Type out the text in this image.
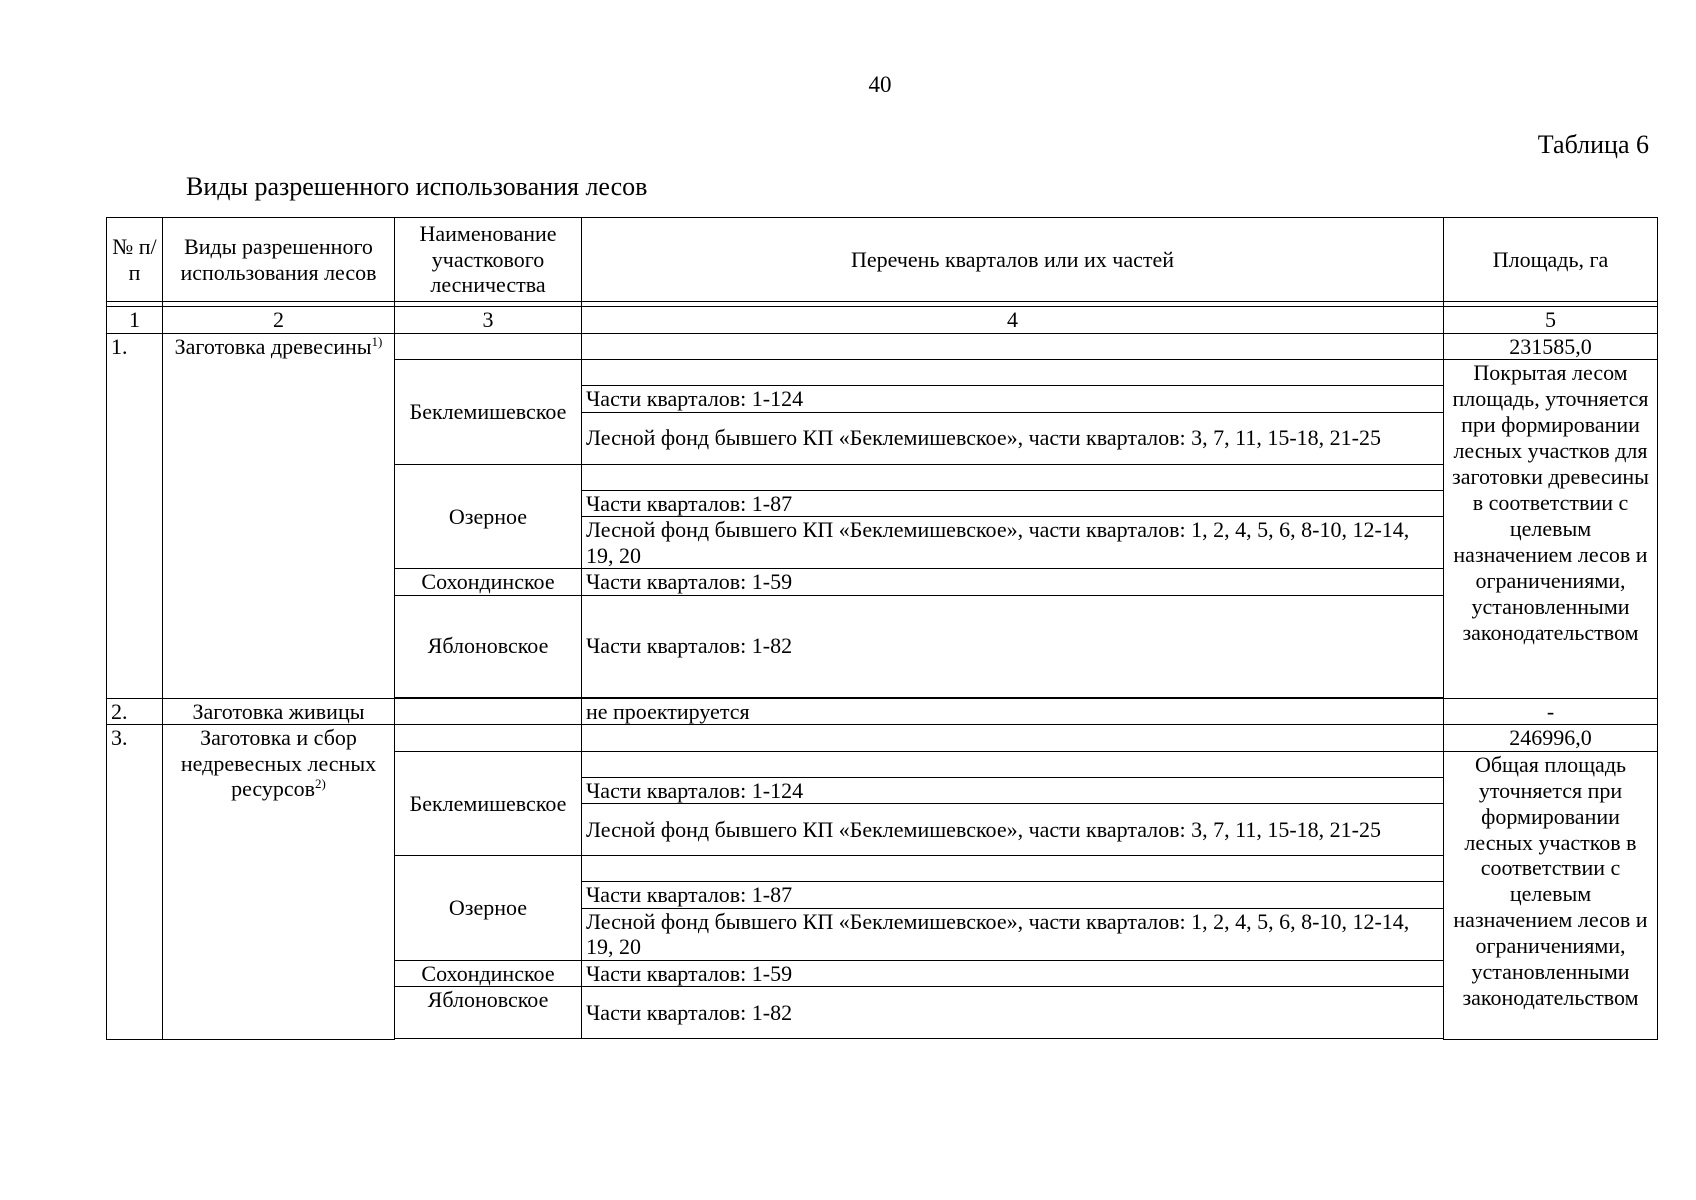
40
Таблица 6
Виды разрешенного использования лесов
№ п/п	Виды разрешенного использования лесов	Наименование участкового лесничества	Перечень кварталов или их частей	Площадь, га

1	2	3	4	5
1.	Заготовка древесины$^{1)}$			231585,0
		Беклемишевское		Покрытая лесом площадь, уточняется при формировании лесных участков для заготовки древесины в соответствии с целевым назначением лесов и ограничениями, установленными законодательством
			Части кварталов: 1-124	
			Лесной фонд бывшего КП «Беклемишевское», части кварталов: 3, 7, 11, 15-18, 21-25	
		Озерное		
			Части кварталов: 1-87	
			Лесной фонд бывшего КП «Беклемишевское», части кварталов: 1, 2, 4, 5, 6, 8-10, 12-14, 19, 20	
		Сохондинское	Части кварталов: 1-59	
		Яблоновское	Части кварталов: 1-82	

2.	Заготовка живицы		не проектируется	-
3.	Заготовка и сбор недревесных лесных ресурсов$^{2)}$			246996,0
		Беклемишевское		Общая площадь уточняется при формировании лесных участков в соответствии с целевым назначением лесов и ограничениями, установленными законодательством
			Части кварталов: 1-124	
			Лесной фонд бывшего КП «Беклемишевское», части кварталов: 3, 7, 11, 15-18, 21-25	
		Озерное		
			Части кварталов: 1-87	
			Лесной фонд бывшего КП «Беклемишевское», части кварталов: 1, 2, 4, 5, 6, 8-10, 12-14, 19, 20	
		Сохондинское	Части кварталов: 1-59	
		Яблоновское	Части кварталов: 1-82	
